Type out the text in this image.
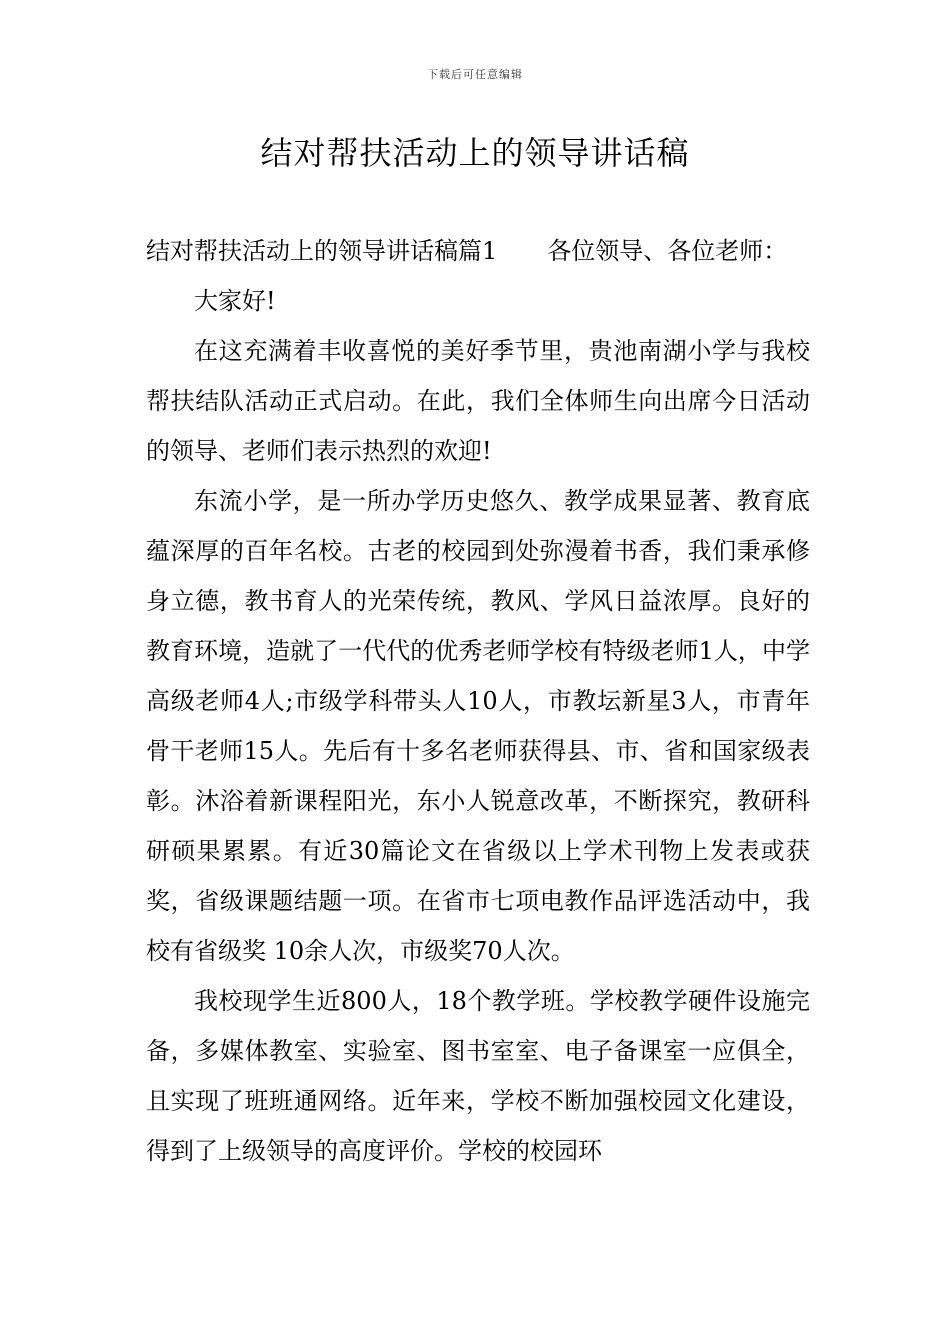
下载后可任意编辑
结对帮扶活动上的领导讲话稿

结对帮扶活动上的领导讲话稿篇1 各位领导、各位老师：

大家好!

在这充满着丰收喜悦的美好季节里，贵池南湖小学与我校帮扶结队活动正式启动。在此，我们全体师生向出席今日活动的领导、老师们表示热烈的欢迎!

东流小学，是一所办学历史悠久、教学成果显著、教育底蕴深厚的百年名校。古老的校园到处弥漫着书香，我们秉承修身立德，教书育人的光荣传统，教风、学风日益浓厚。良好的教育环境，造就了一代代的优秀老师学校有特级老师1人，中学高级老师4人;市级学科带头人10人，市教坛新星3人，市青年骨干老师15人。先后有十多名老师获得县、市、省和国家级表彰。沐浴着新课程阳光，东小人锐意改革，不断探究，教研科研硕果累累。有近30篇论文在省级以上学术刊物上发表或获奖，省级课题结题一项。在省市七项电教作品评选活动中，我校有省级奖 10余人次，市级奖70人次。

我校现学生近800人，18个教学班。学校教学硬件设施完备，多媒体教室、实验室、图书室室、电子备课室一应俱全，且实现了班班通网络。近年来，学校不断加强校园文化建设，得到了上级领导的高度评价。学校的校园环
